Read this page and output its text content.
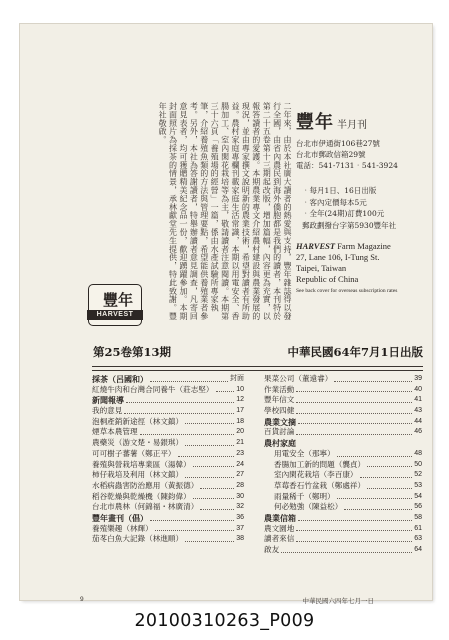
二年來，由於本社廣大讀者的熱愛與支持，豐年雜誌得以發行全國，由省內農民到海外僑胞都是我們的讀者，本刊特於第二十五卷第十三期起改版，增加篇幅，內容更為充實，以報答讀者的愛護。本期農業專文介紹農村建設與農業發展的現況，並由專家撰文說明新的農業技術，希望對讀者有所助益。農村家庭專欄刊載家庭生活常識，本期以用電安全、香腸加工、室內閑花栽培等為主，敬請讀者注意閱讀。本期第三十六頁「養殖場的經營」一篇，係由水產試驗所專家執筆，介紹養殖魚類的方法與管理要點，希望能供養殖業者參考。另外，本社為答謝讀者，特舉辦讀者意見調查，凡寄回意見表者，均可獲贈精美紀念品一份，歡迎踴躍參加。本期封面照片為採茶的情景，承林獻堂先生提供，特此致謝。豐年社敬啟。	豐年 半月刊
台北市伊通街106巷27號
台北市郵政信箱29號
電話：541-7131‧541-3924
‧每月1日、16日出版
‧客內定價每本5元
‧全年(24期)訂費100元
郵政劃撥台字第5930豐年社
HARVEST Farm Magazine
27, Lane 106, I-Tung St.
Taipei, Taiwan
Republic of China
See back cover for overseas subscription rates
豐年
HARVEST
第25卷第13期	中華民國64年7月1日出版
採茶（呂國和）	封面
紅燒牛肉和台灣合同養牛（莊志堅）	10
新聞報導	12
我的意見	17
泡桐產銷新途徑（林文鎮）	18
煙草本農管理	20
農藥災（游文楚・易銀琪）	21
可可樹子蕃薯（鄭正平）	23
養殖與營栽培專業區（湯韓）	24
柿仔栽培及利用（林文鎮）	27
水稻病蟲害防治應用（黃振德）	28
稻谷乾燥與乾燥機（陳鈞偉）	30
台北市農林（何錦福・林廣清）	32
豐年畫刊（倡）	36
養殖樂趣（林輝）	37
茄苳白魚大記錄（林進順）	38
果菜公司（董遠睿）	39
作業活動	40
豐年信文	41
學校四健	43
農業文摘	44
百貨討論	46
農村家庭
用電安全（那寧）	48
香腸加工新的問題（龔貞）	50
室內閑花栽培（李百康）	52
草莓香石竹盆栽（鄭處祥）	53
雨量稀千（鄭明）	54
何必勉強（陳益松）	56
農業信箱	58
農文園地	61
讀者來信	63
啟友	64
9	中華民國六四年七月一日
20100310263_P009
